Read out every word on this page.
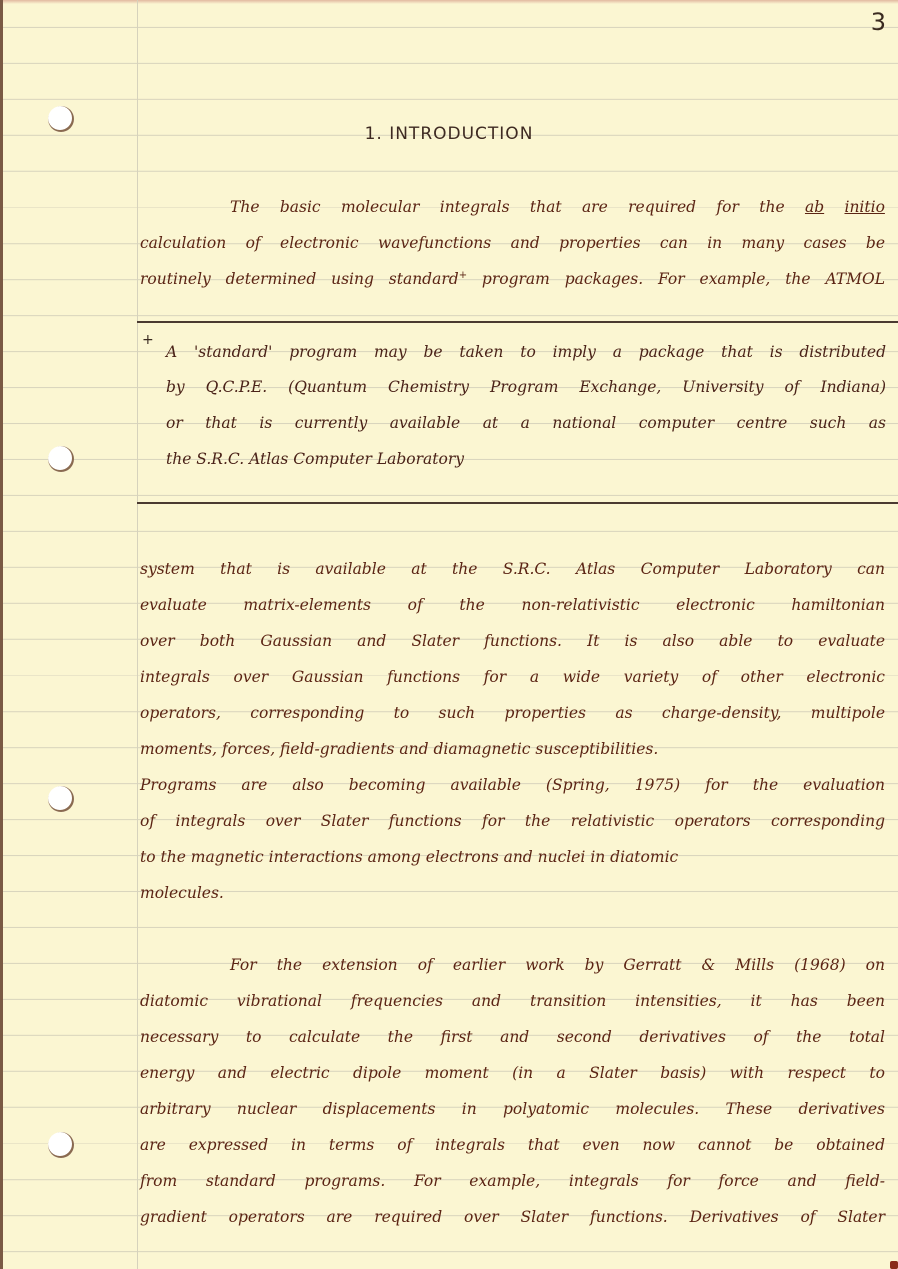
3
1. INTRODUCTION
The basic molecular integrals that are required for the ab initio
calculation of electronic wavefunctions and properties can in many cases be
routinely determined using standard+ program packages. For example, the ATMOL
+
A 'standard' program may be taken to imply a package that is distributed
by Q.C.P.E. (Quantum Chemistry Program Exchange, University of Indiana)
or that is currently available at a national computer centre such as
the S.R.C. Atlas Computer Laboratory
system that is available at the S.R.C. Atlas Computer Laboratory can
evaluate matrix-elements of the non-relativistic electronic hamiltonian
over both Gaussian and Slater functions. It is also able to evaluate
integrals over Gaussian functions for a wide variety of other electronic
operators, corresponding to such properties as charge-density, multipole
moments, forces, field-gradients and diamagnetic susceptibilities.
Programs are also becoming available (Spring, 1975) for the evaluation
of integrals over Slater functions for the relativistic operators corresponding
to the magnetic interactions among electrons and nuclei in diatomic
molecules.
For the extension of earlier work by Gerratt & Mills (1968) on
diatomic vibrational frequencies and transition intensities, it has been
necessary to calculate the first and second derivatives of the total
energy and electric dipole moment (in a Slater basis) with respect to
arbitrary nuclear displacements in polyatomic molecules. These derivatives
are expressed in terms of integrals that even now cannot be obtained
from standard programs. For example, integrals for force and field-
gradient operators are required over Slater functions. Derivatives of Slater
